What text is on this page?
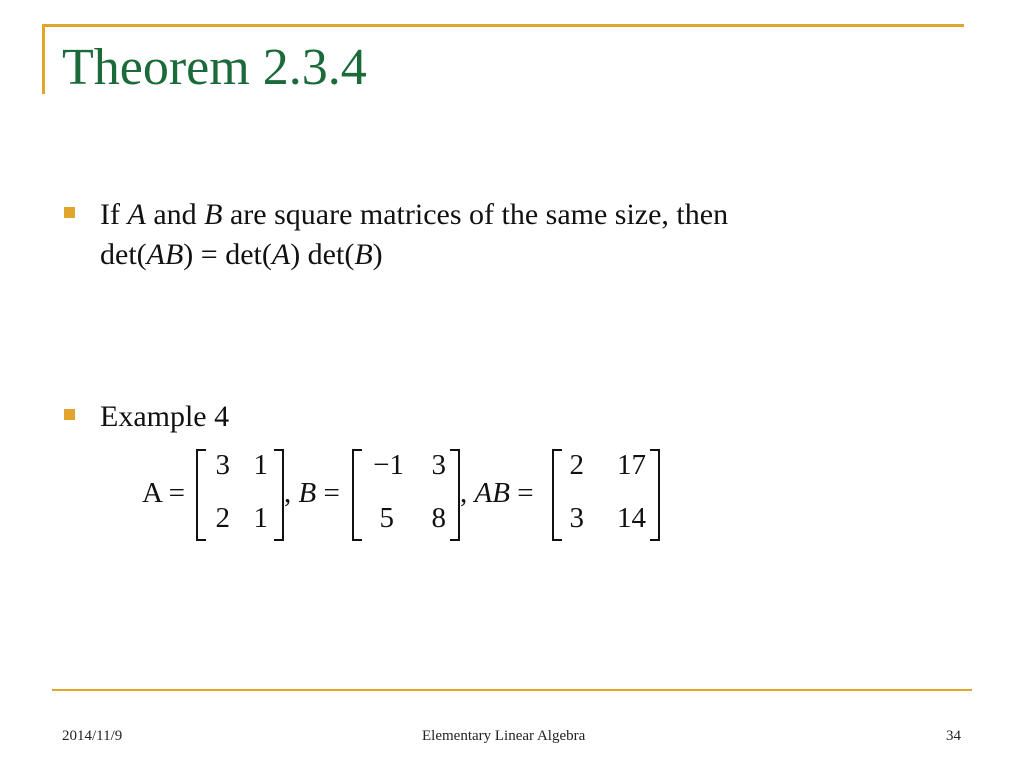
Theorem 2.3.4
If A and B are square matrices of the same size, then
det(AB) = det(A) det(B)
Example 4
A =
3 1
2 1
, B =
−1 3
5 8
, AB =
2 17
3 14
2014/11/9	Elementary Linear Algebra	34
